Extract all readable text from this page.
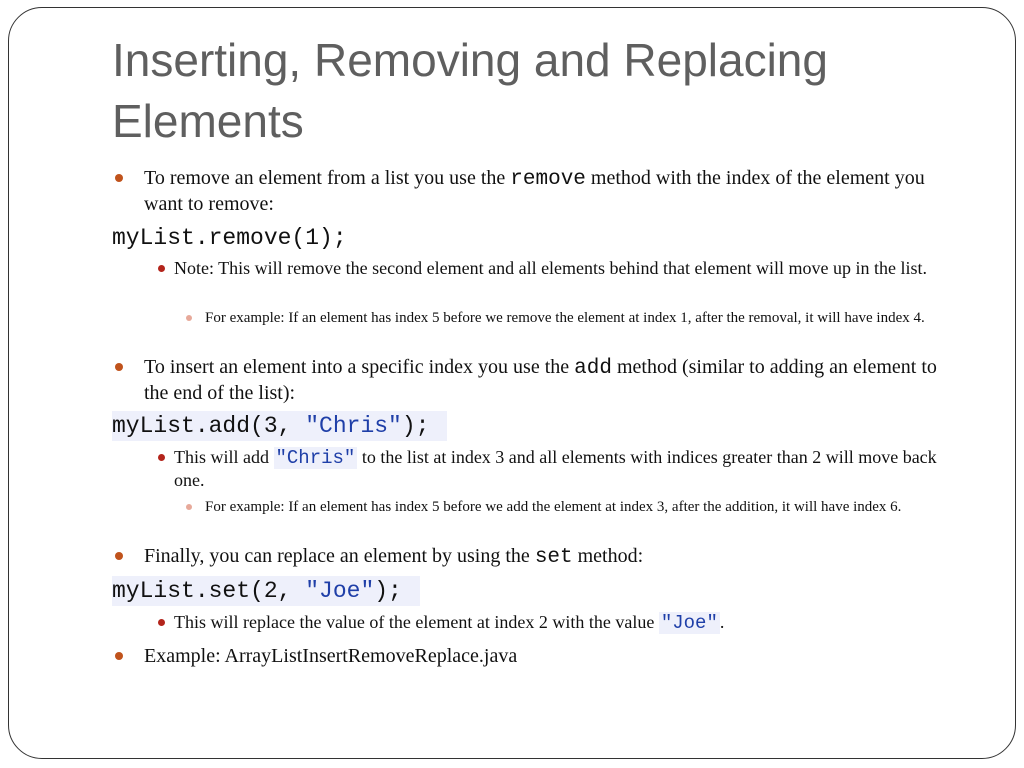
Inserting, Removing and Replacing Elements
To remove an element from a list you use the remove method with the index of the element you want to remove:
myList.remove(1);
Note: This will remove the second element and all elements behind that element will move up in the list.
For example: If an element has index 5 before we remove the element at index 1, after the removal, it will have index 4.
To insert an element into a specific index you use the add method (similar to adding an element to the end of the list):
myList.add(3, "Chris");
This will add "Chris" to the list at index 3 and all elements with indices greater than 2 will move back one.
For example: If an element has index 5 before we add the element at index 3, after the addition, it will have index 6.
Finally, you can replace an element by using the set method:
myList.set(2, "Joe");
This will replace the value of the element at index 2 with the value "Joe" .
Example: ArrayListInsertRemoveReplace.java
